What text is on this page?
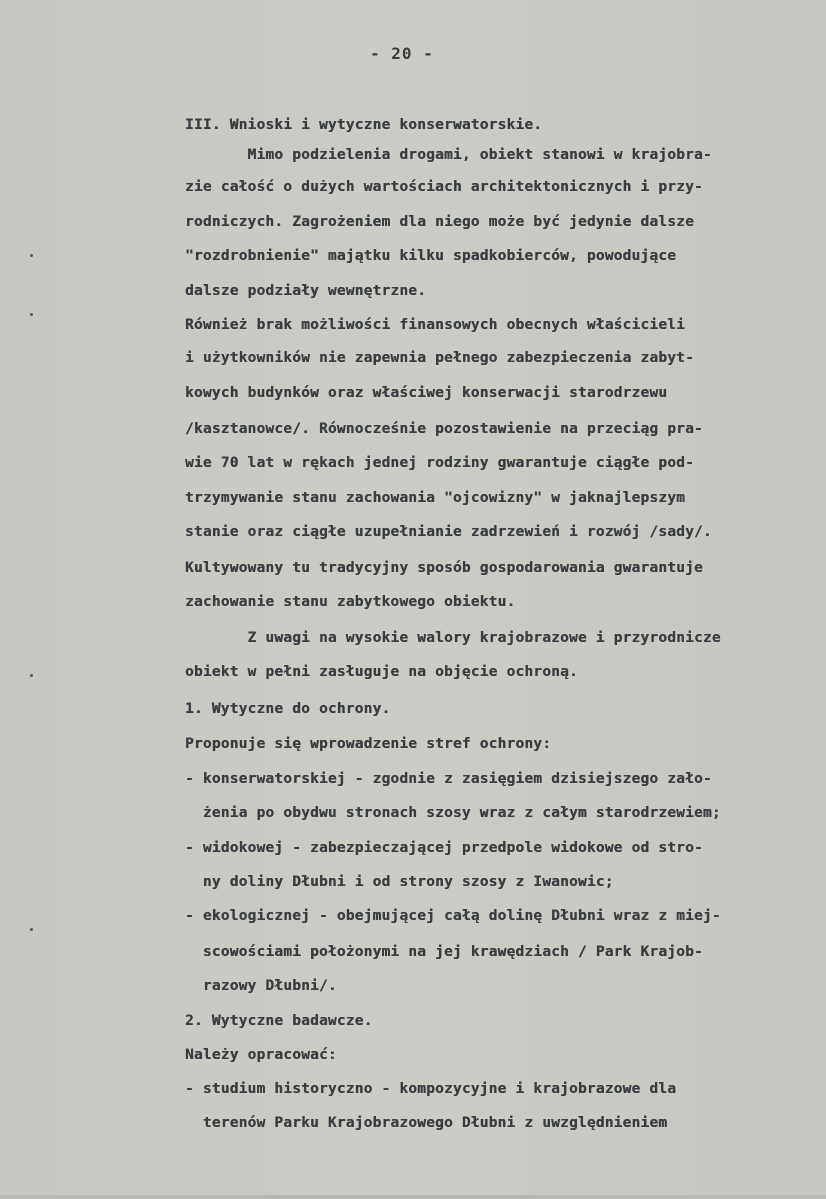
- 20 -
III. Wnioski i wytyczne konserwatorskie.
Mimo podzielenia drogami, obiekt stanowi w krajobra-
zie całość o dużych wartościach architektonicznych i przy-
rodniczych. Zagrożeniem dla niego może być jedynie dalsze
"rozdrobnienie" majątku kilku spadkobierców, powodujące
dalsze podziały wewnętrzne.
Również brak możliwości finansowych obecnych właścicieli
i użytkowników nie zapewnia pełnego zabezpieczenia zabyt-
kowych budynków oraz właściwej konserwacji starodrzewu
/kasztanowce/. Równocześnie pozostawienie na przeciąg pra-
wie 70 lat w rękach jednej rodziny gwarantuje ciągłe pod-
trzymywanie stanu zachowania "ojcowizny" w jaknajlepszym
stanie oraz ciągłe uzupełnianie zadrzewień i rozwój /sady/.
Kultywowany tu tradycyjny sposób gospodarowania gwarantuje
zachowanie stanu zabytkowego obiektu.
Z uwagi na wysokie walory krajobrazowe i przyrodnicze
obiekt w pełni zasługuje na objęcie ochroną.
1. Wytyczne do ochrony.
Proponuje się wprowadzenie stref ochrony:
- konserwatorskiej - zgodnie z zasięgiem dzisiejszego zało-
żenia po obydwu stronach szosy wraz z całym starodrzewiem;
- widokowej - zabezpieczającej przedpole widokowe od stro-
ny doliny Dłubni i od strony szosy z Iwanowic;
- ekologicznej - obejmującej całą dolinę Dłubni wraz z miej-
scowościami położonymi na jej krawędziach / Park Krajob-
razowy Dłubni/.
2. Wytyczne badawcze.
Należy opracować:
- studium historyczno - kompozycyjne i krajobrazowe dla
terenów Parku Krajobrazowego Dłubni z uwzględnieniem
